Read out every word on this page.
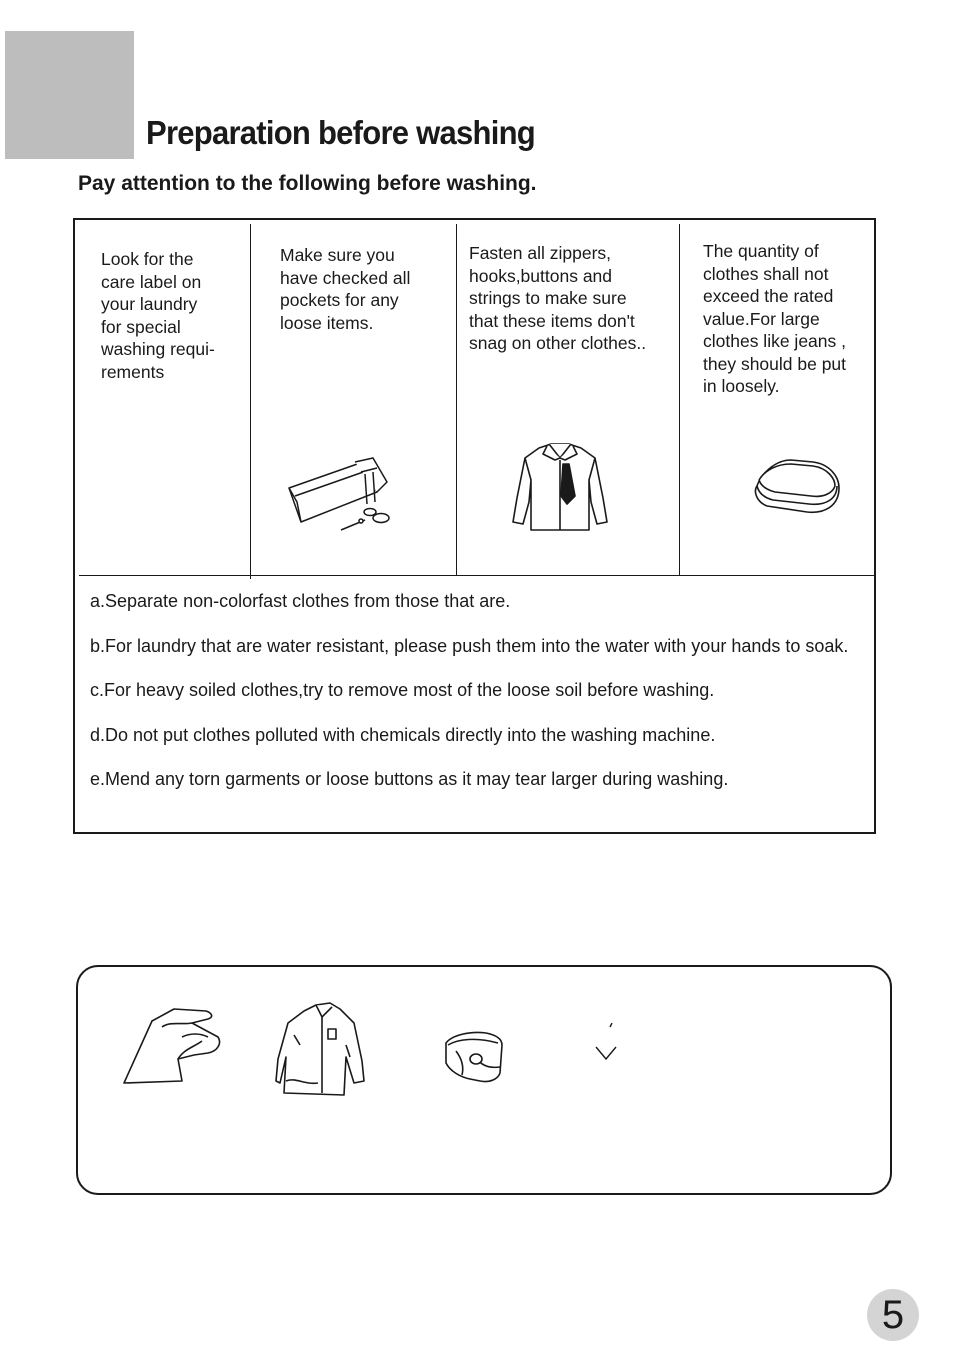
Preparation before washing

Pay attention to the following before washing.

Look for the
care label on
your laundry
for special
washing requi-
rements
Make sure you
have checked all
pockets for any
loose items.
Fasten all zippers,
hooks,buttons and
strings to make sure
that these items don't
snag on other clothes..
The quantity of
clothes shall not
exceed the rated
value.For large
clothes like jeans ,
they should be put
in loosely.

a.Separate non-colorfast clothes from those that are.

b.For laundry that are water resistant, please push them into the water with your hands to soak.

c.For heavy soiled clothes,try to remove most of the loose soil before washing.

d.Do not put clothes polluted with chemicals directly into the washing machine.

e.Mend any torn garments or loose buttons as it may tear larger during washing.

5
